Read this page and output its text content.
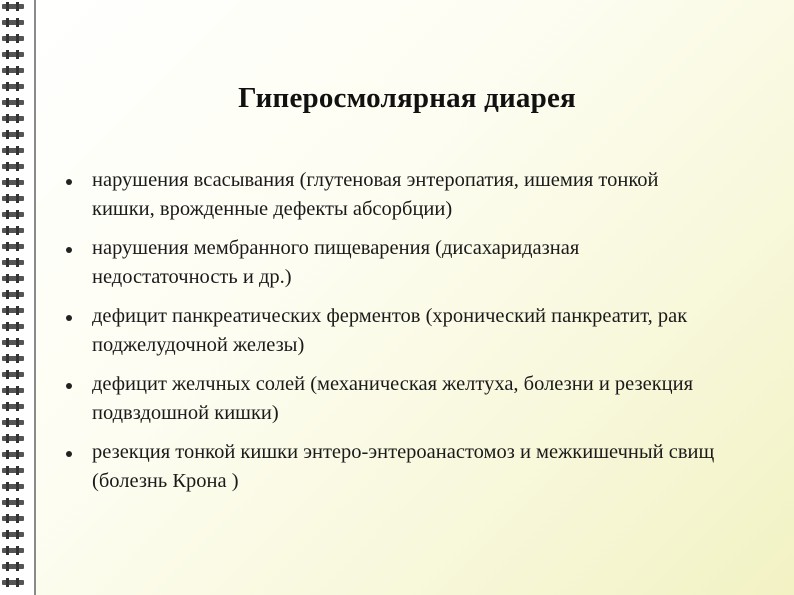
Гиперосмолярная диарея
нарушения всасывания (глутеновая энтеропатия, ишемия тонкой кишки, врожденные дефекты абсорбции)
нарушения мембранного пищеварения (дисахаридазная недостаточность и др.)
дефицит панкреатических ферментов (хронический панкреатит, рак поджелудочной железы)
дефицит желчных солей (механическая желтуха, болезни и резекция подвздошной кишки)
резекция тонкой кишки энтеро-энтероанастомоз и межкишечный свищ (болезнь Крона )
